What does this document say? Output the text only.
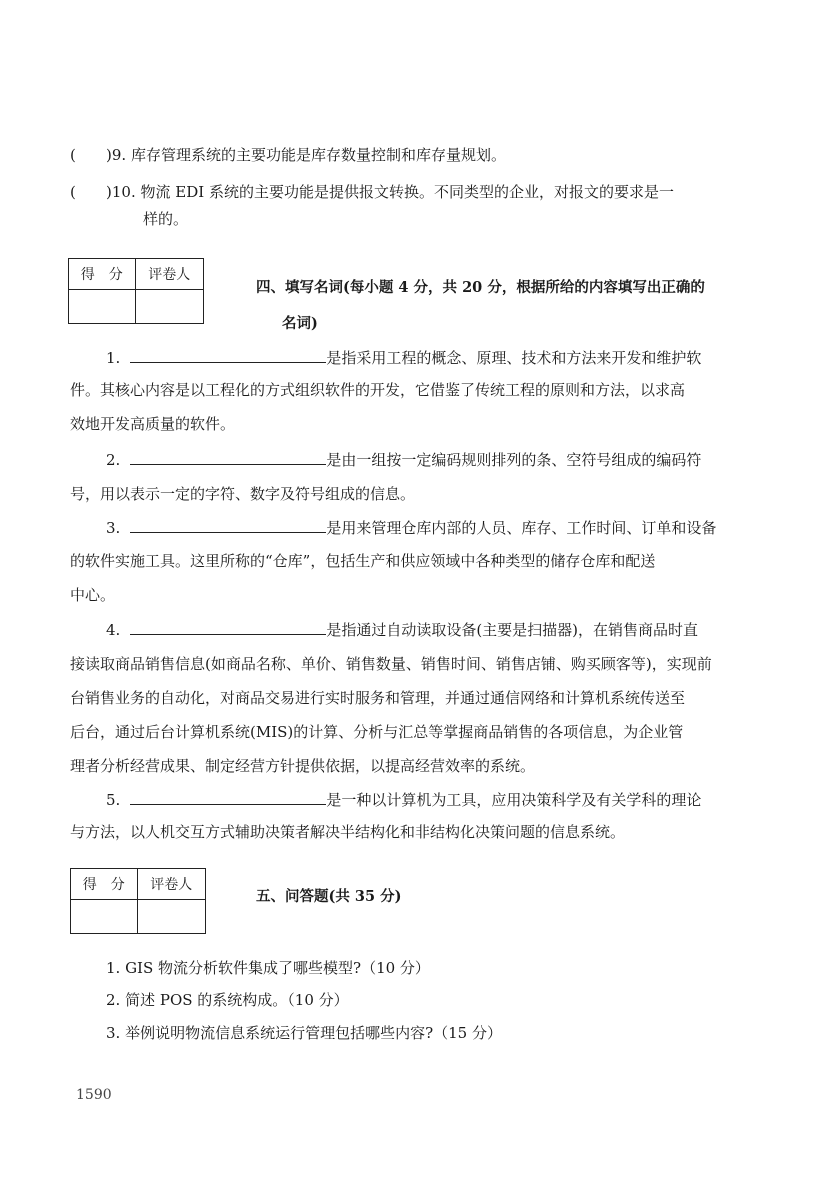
( )9. 库存管理系统的主要功能是库存数量控制和库存量规划。
( )10. 物流 EDI 系统的主要功能是提供报文转换。不同类型的企业，对报文的要求是一
样的。
得　分	评卷人

四、填写名词(每小题 4 分，共 20 分，根据所给的内容填写出正确的
名词)
1.	是指采用工程的概念、原理、技术和方法来开发和维护软
件。其核心内容是以工程化的方式组织软件的开发，它借鉴了传统工程的原则和方法，以求高
效地开发高质量的软件。
2.	是由一组按一定编码规则排列的条、空符号组成的编码符
号，用以表示一定的字符、数字及符号组成的信息。
3.	是用来管理仓库内部的人员、库存、工作时间、订单和设备
的软件实施工具。这里所称的“仓库”，包括生产和供应领域中各种类型的储存仓库和配送
中心。
4.	是指通过自动读取设备(主要是扫描器)，在销售商品时直
接读取商品销售信息(如商品名称、单价、销售数量、销售时间、销售店铺、购买顾客等)，实现前
台销售业务的自动化，对商品交易进行实时服务和管理，并通过通信网络和计算机系统传送至
后台，通过后台计算机系统(MIS)的计算、分析与汇总等掌握商品销售的各项信息，为企业管
理者分析经营成果、制定经营方针提供依据，以提高经营效率的系统。
5.	是一种以计算机为工具，应用决策科学及有关学科的理论
与方法，以人机交互方式辅助决策者解决半结构化和非结构化决策问题的信息系统。
得　分	评卷人

五、问答题(共 35 分)
1. GIS 物流分析软件集成了哪些模型?（10 分）
2. 简述 POS 的系统构成。（10 分）
3. 举例说明物流信息系统运行管理包括哪些内容?（15 分）
1590
